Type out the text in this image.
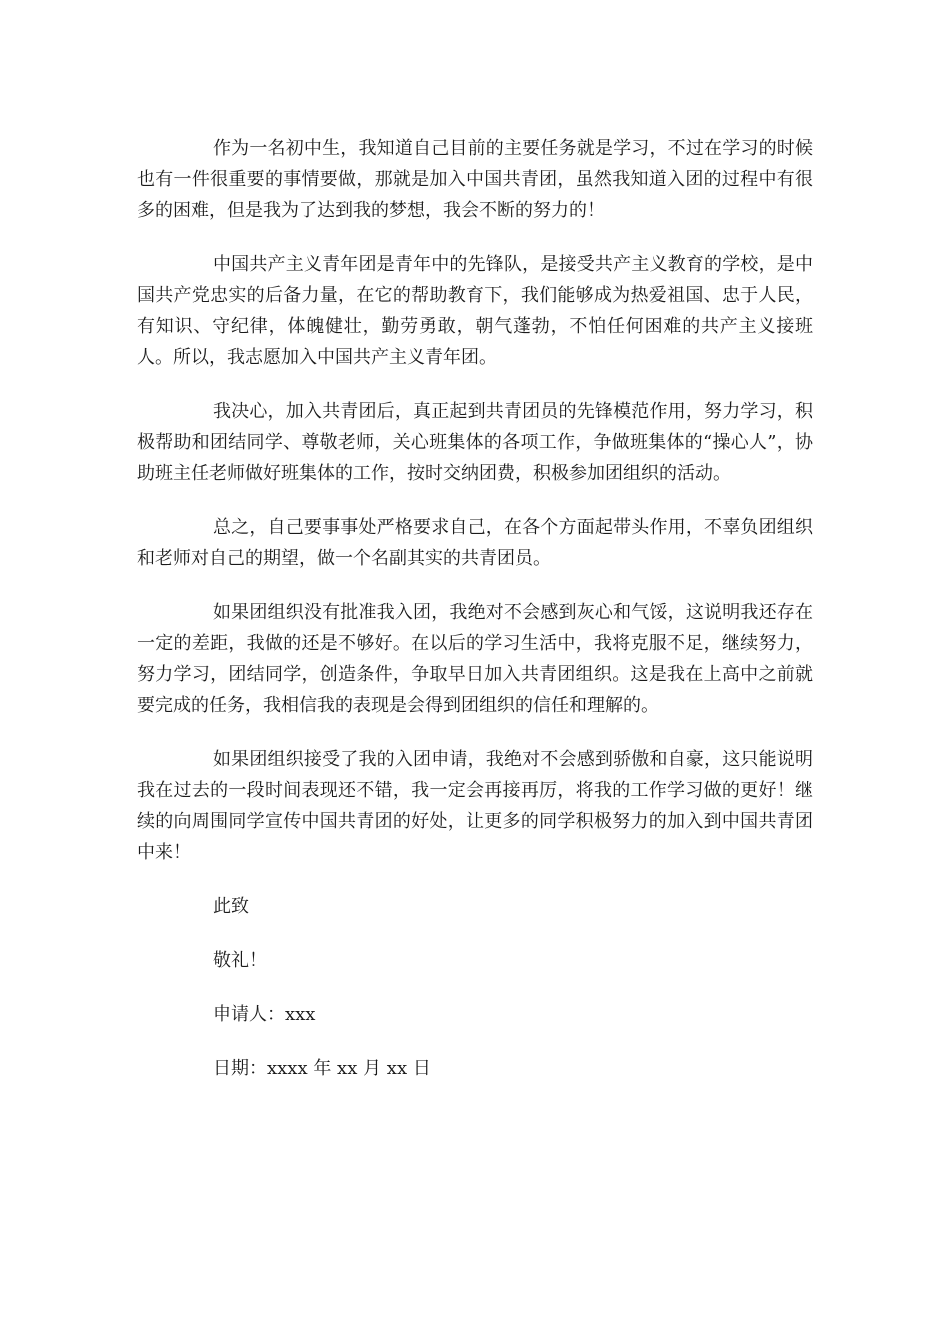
作为一名初中生，我知道自己目前的主要任务就是学习，不过在学习的时候也有一件很重要的事情要做，那就是加入中国共青团，虽然我知道入团的过程中有很多的困难，但是我为了达到我的梦想，我会不断的努力的！

中国共产主义青年团是青年中的先锋队，是接受共产主义教育的学校，是中国共产党忠实的后备力量，在它的帮助教育下，我们能够成为热爱祖国、忠于人民，有知识、守纪律，体魄健壮，勤劳勇敢，朝气蓬勃，不怕任何困难的共产主义接班人。所以，我志愿加入中国共产主义青年团。

我决心，加入共青团后，真正起到共青团员的先锋模范作用，努力学习，积极帮助和团结同学、尊敬老师，关心班集体的各项工作，争做班集体的“操心人”，协助班主任老师做好班集体的工作，按时交纳团费，积极参加团组织的活动。

总之，自己要事事处严格要求自己，在各个方面起带头作用，不辜负团组织和老师对自己的期望，做一个名副其实的共青团员。

如果团组织没有批准我入团，我绝对不会感到灰心和气馁，这说明我还存在一定的差距，我做的还是不够好。在以后的学习生活中，我将克服不足，继续努力，努力学习，团结同学，创造条件，争取早日加入共青团组织。这是我在上高中之前就要完成的任务，我相信我的表现是会得到团组织的信任和理解的。

如果团组织接受了我的入团申请，我绝对不会感到骄傲和自豪，这只能说明我在过去的一段时间表现还不错，我一定会再接再厉，将我的工作学习做的更好！继续的向周围同学宣传中国共青团的好处，让更多的同学积极努力的加入到中国共青团中来！

此致

敬礼！

申请人：xxx

日期：xxxx 年 xx 月 xx 日
